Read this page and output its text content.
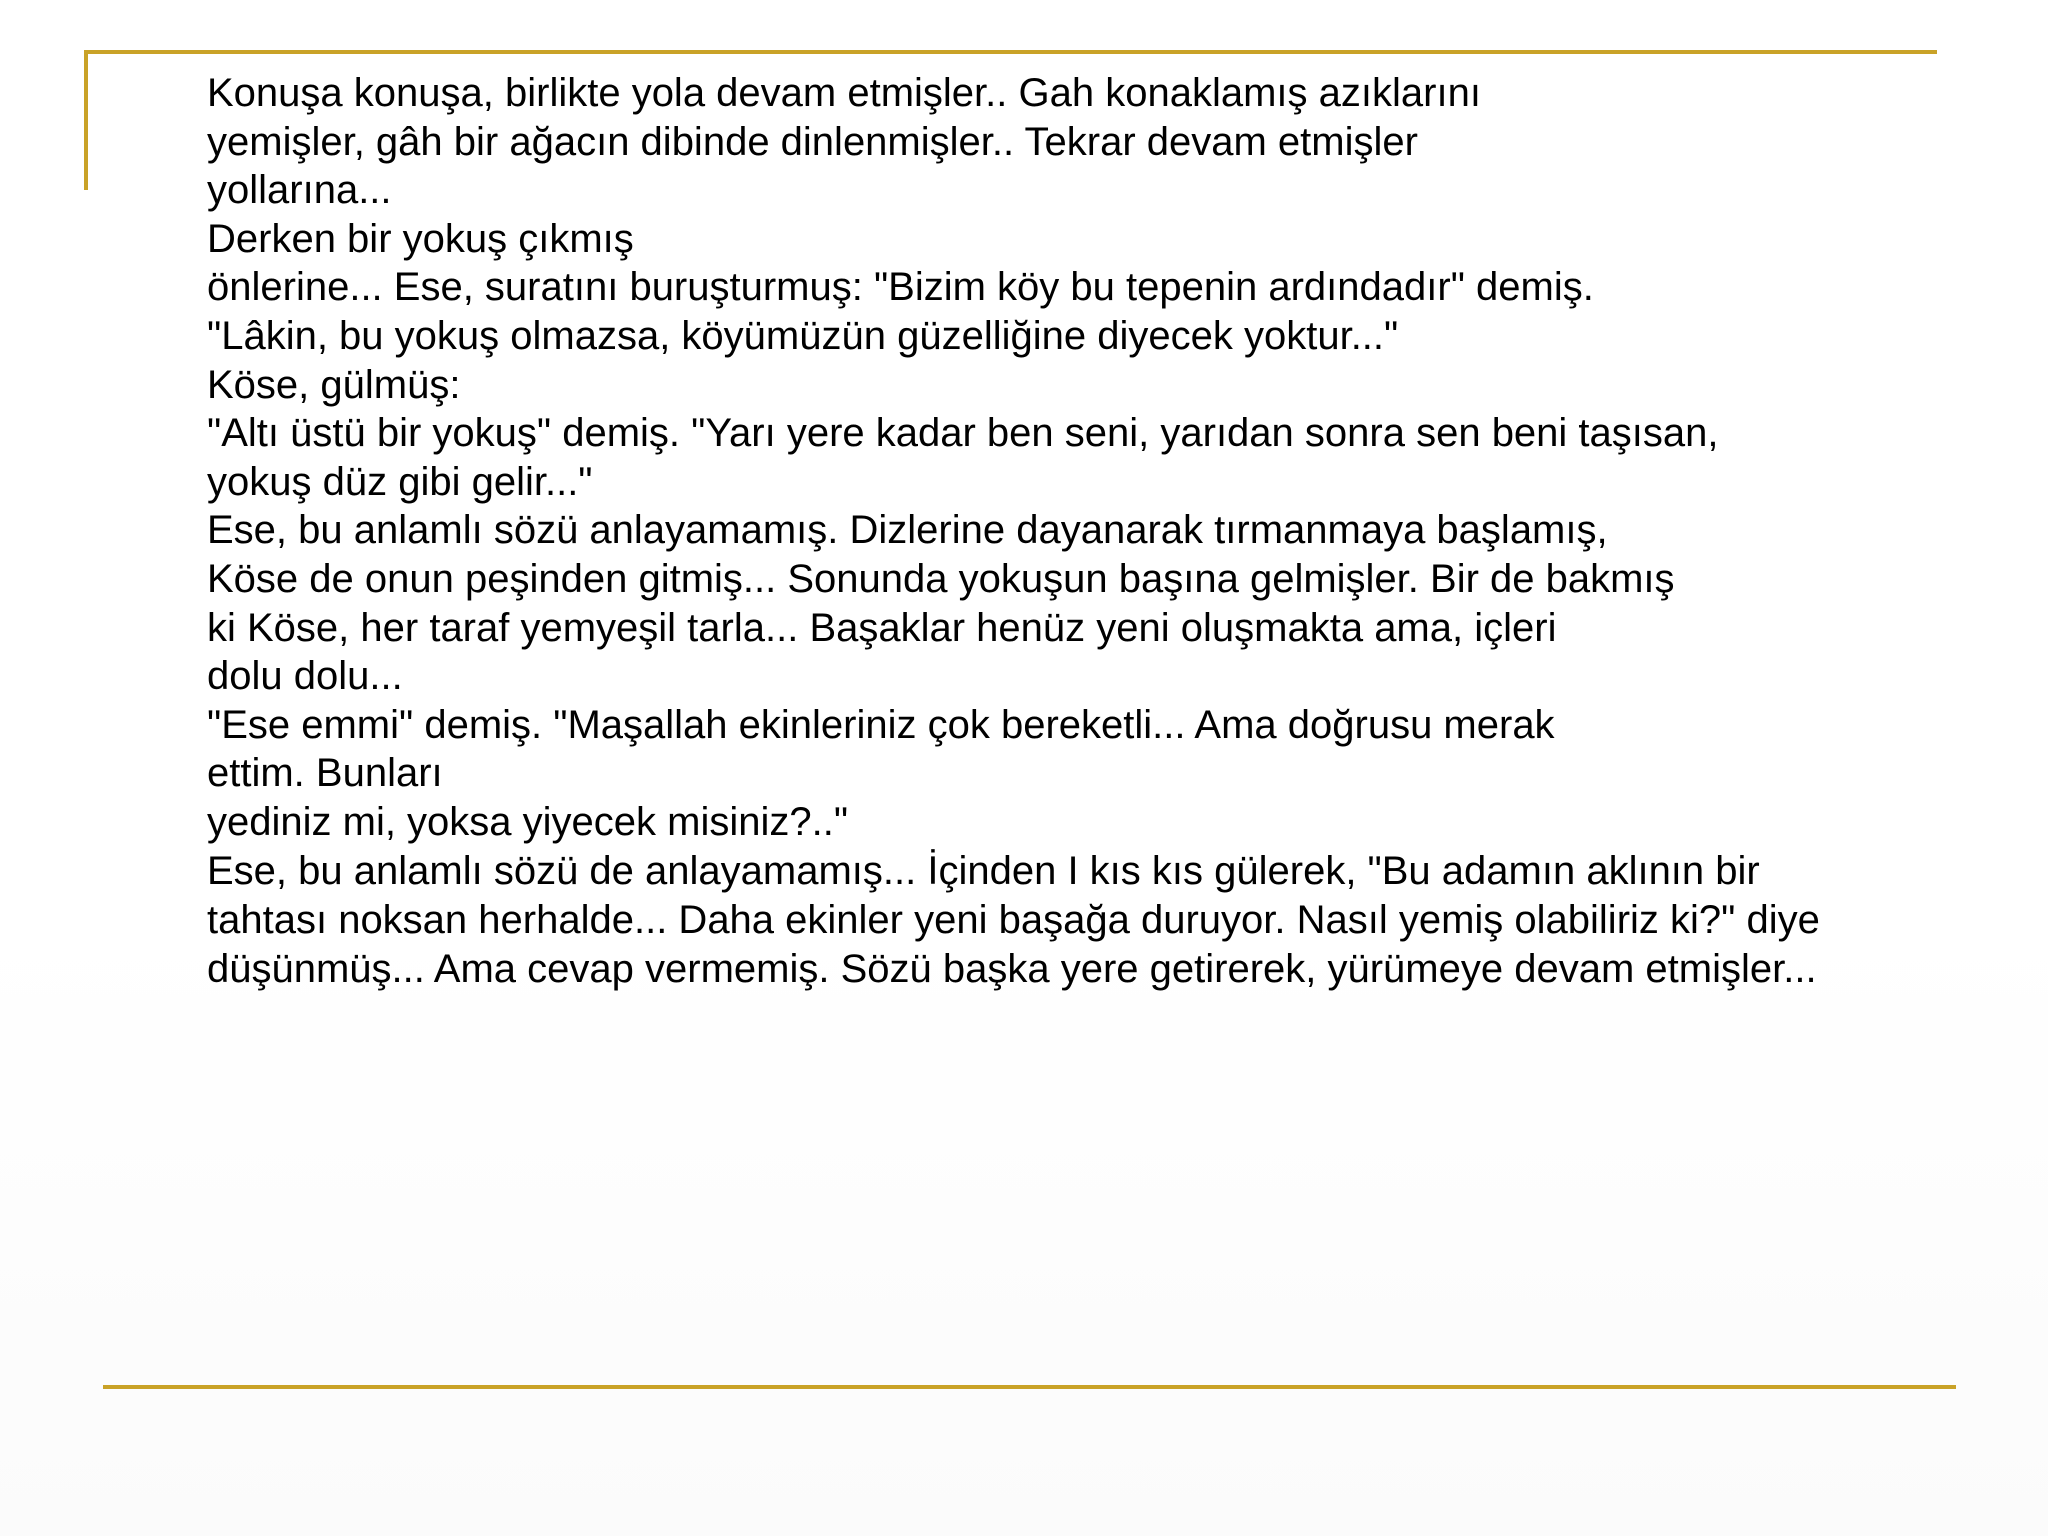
Konuşa konuşa, birlikte yola devam etmişler.. Gah konaklamış azıklarını
yemişler, gâh bir ağacın dibinde dinlenmişler.. Tekrar devam etmişler
yollarına...
Derken bir yokuş çıkmış
önlerine... Ese, suratını buruşturmuş: "Bizim köy bu tepenin ardındadır" demiş.
"Lâkin, bu yokuş olmazsa, köyümüzün güzelliğine diyecek yoktur..."
Köse, gülmüş:
"Altı üstü bir yokuş" demiş. "Yarı yere kadar ben seni, yarıdan sonra sen beni taşısan,
yokuş düz gibi gelir..."
Ese, bu anlamlı sözü anlayamamış. Dizlerine dayanarak tırmanmaya başlamış,
Köse de onun peşinden gitmiş... Sonunda yokuşun başına gelmişler. Bir de bakmış
ki Köse, her taraf yemyeşil tarla... Başaklar henüz yeni oluşmakta ama, içleri
dolu dolu...
"Ese emmi" demiş. "Maşallah ekinleriniz çok bereketli... Ama doğrusu merak
ettim. Bunları
yediniz mi, yoksa yiyecek misiniz?.."
Ese, bu anlamlı sözü de anlayamamış... İçinden I kıs kıs gülerek, "Bu adamın aklının bir
tahtası noksan herhalde... Daha ekinler yeni başağa duruyor. Nasıl yemiş olabiliriz ki?" diye
düşünmüş... Ama cevap vermemiş. Sözü başka yere getirerek, yürümeye devam etmişler...
